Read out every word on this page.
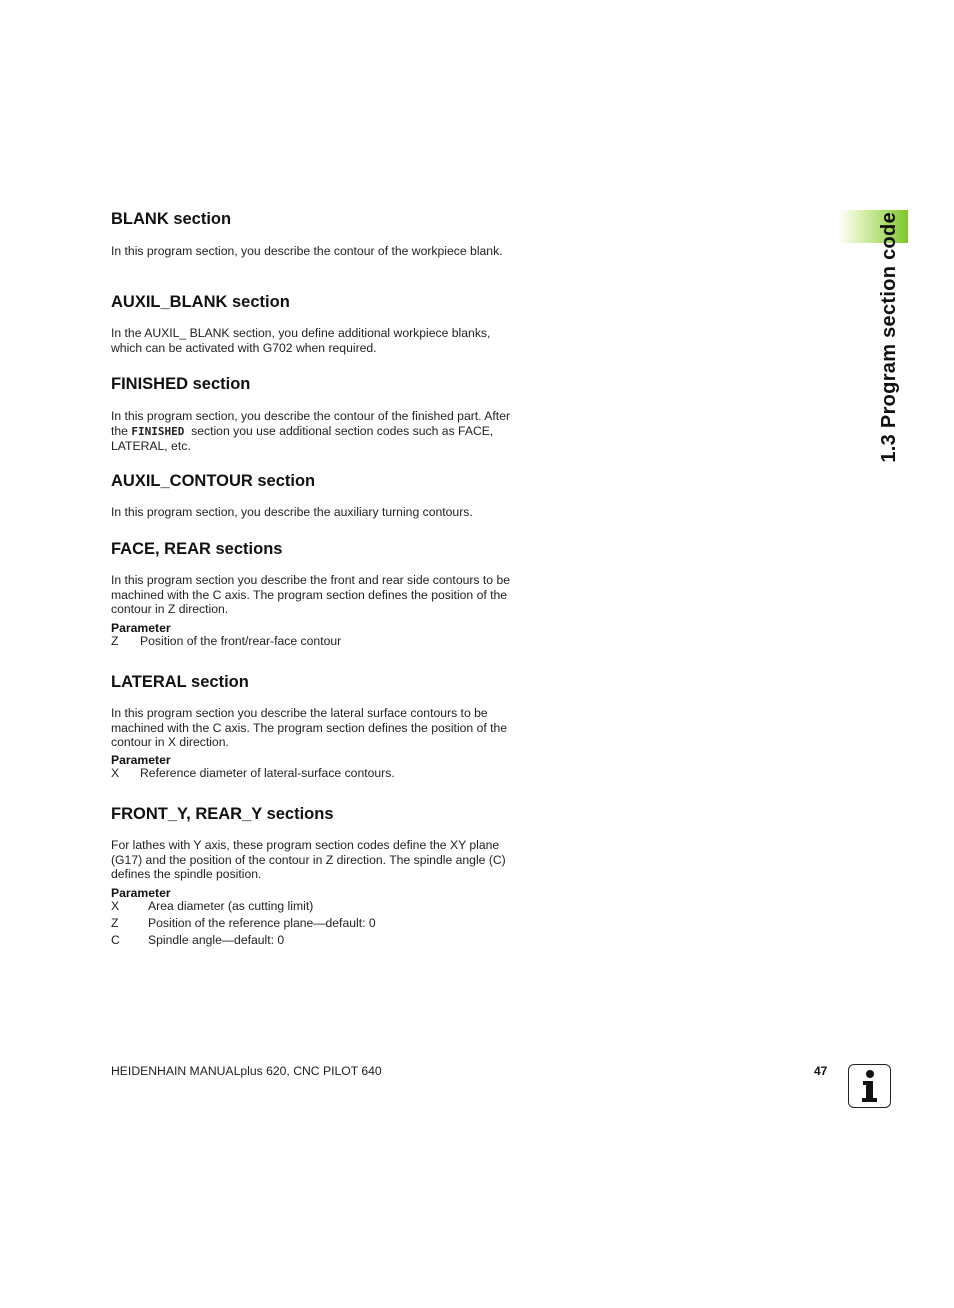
1.3 Program section code
BLANK section

In this program section, you describe the contour of the workpiece blank.

AUXIL_BLANK section

In the AUXIL_ BLANK section, you define additional workpiece blanks, which can be activated with G702 when required.

FINISHED section

In this program section, you describe the contour of the finished part. After the FINISHED section you use additional section codes such as FACE, LATERAL, etc.

AUXIL_CONTOUR section

In this program section, you describe the auxiliary turning contours.

FACE, REAR sections

In this program section you describe the front and rear side contours to be machined with the C axis. The program section defines the position of the contour in Z direction.

Parameter
Z Position of the front/rear-face contour
LATERAL section

In this program section you describe the lateral surface contours to be machined with the C axis. The program section defines the position of the contour in X direction.

Parameter
X Reference diameter of lateral-surface contours.
FRONT_Y, REAR_Y sections

For lathes with Y axis, these program section codes define the XY plane (G17) and the position of the contour in Z direction. The spindle angle (C) defines the spindle position.

Parameter
X Area diameter (as cutting limit)
Z Position of the reference plane—default: 0
C Spindle angle—default: 0
HEIDENHAIN MANUALplus 620, CNC PILOT 640	47
